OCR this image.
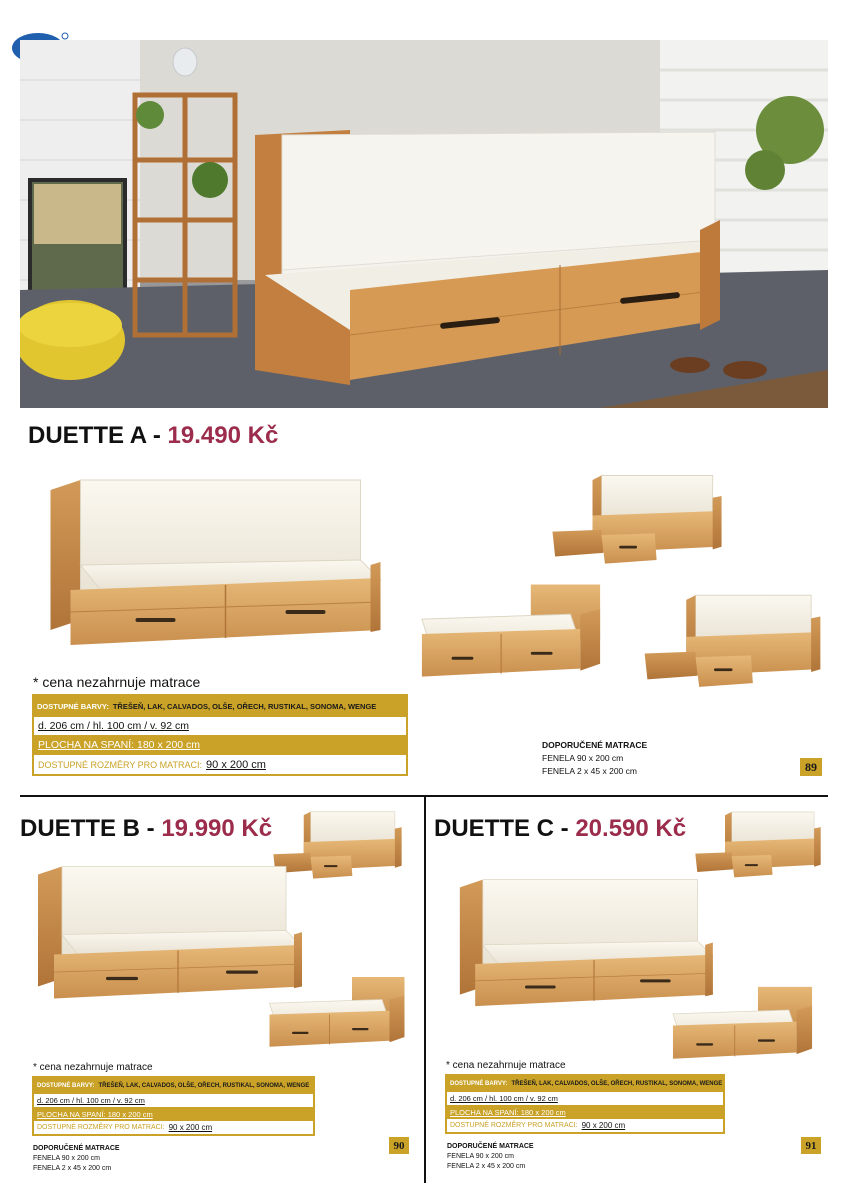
DUETTE A - 19.490 Kč
* cena nezahrnuje matrace
DOSTUPNÉ BARVY: TŘEŠEŇ, LAK, CALVADOS, OLŠE, OŘECH, RUSTIKAL, SONOMA, WENGE
d. 206 cm / hl. 100 cm / v. 92 cm
PLOCHA NA SPANÍ: 180 x 200 cm
DOSTUPNÉ ROZMĚRY PRO MATRACI: 90 x 200 cm
DOPORUČENÉ MATRACE
FENELA 90 x 200 cm
FENELA 2 x 45 x 200 cm	89
DUETTE B - 19.990 Kč
* cena nezahrnuje matrace
DOSTUPNÉ BARVY: TŘEŠEŇ, LAK, CALVADOS, OLŠE, OŘECH, RUSTIKAL, SONOMA, WENGE
d. 206 cm / hl. 100 cm / v. 92 cm
PLOCHA NA SPANÍ: 180 x 200 cm
DOSTUPNÉ ROZMĚRY PRO MATRACI: 90 x 200 cm
DOPORUČENÉ MATRACE
FENELA 90 x 200 cm
FENELA 2 x 45 x 200 cm
90
DUETTE C - 20.590 Kč
* cena nezahrnuje matrace
DOSTUPNÉ BARVY: TŘEŠEŇ, LAK, CALVADOS, OLŠE, OŘECH, RUSTIKAL, SONOMA, WENGE
d. 206 cm / hl. 100 cm / v. 92 cm
PLOCHA NA SPANÍ: 180 x 200 cm
DOSTUPNÉ ROZMĚRY PRO MATRACI: 90 x 200 cm
DOPORUČENÉ MATRACE
FENELA 90 x 200 cm
FENELA 2 x 45 x 200 cm
91
